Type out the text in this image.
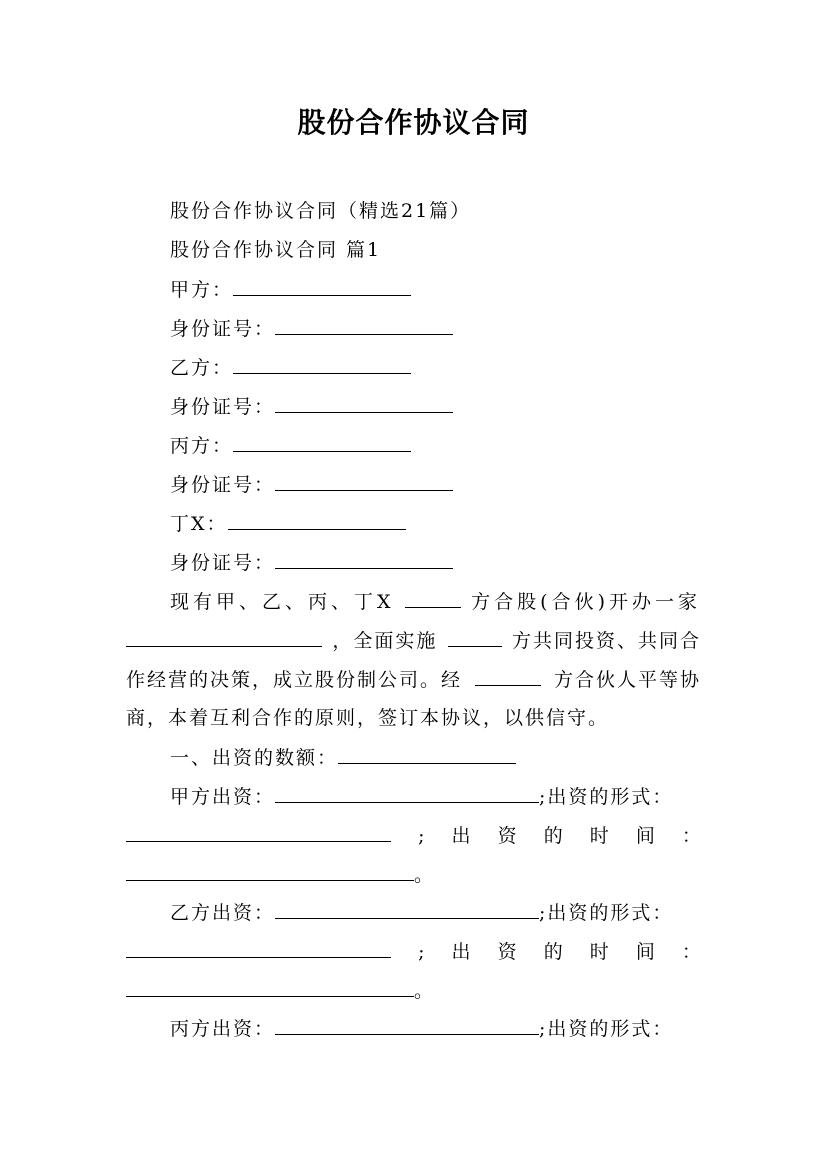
股份合作协议合同
股份合作协议合同（精选21篇）
股份合作协议合同 篇1
甲方：
身份证号：
乙方：
身份证号：
丙方：
身份证号：
丁X：
身份证号：
现有甲、乙、丙、丁X	方合股(合伙)开办一家
，全面实施	方共同投资、共同合
作经营的决策，成立股份制公司。经	方合伙人平等协
商，本着互利合作的原则，签订本协议，以供信守。
一、出资的数额：
甲方出资：	;出资的形式：
; 出 资 的 时 间 ：
。
乙方出资：	;出资的形式：
; 出 资 的 时 间 ：
。
丙方出资：	;出资的形式：
